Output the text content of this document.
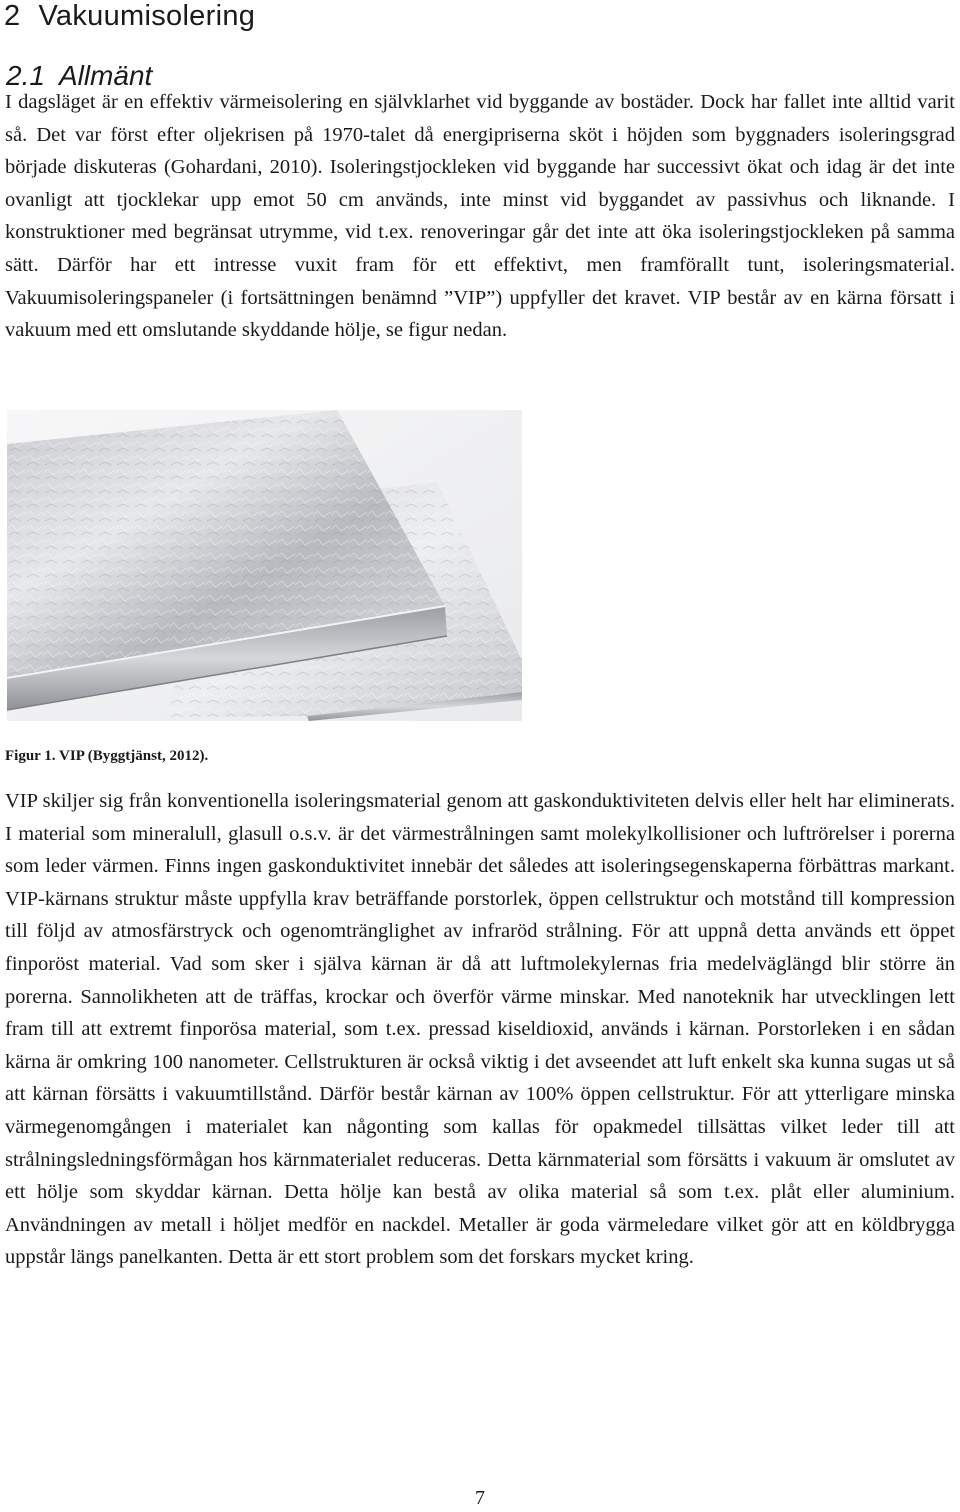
2 Vakuumisolering
2.1 Allmänt

I dagsläget är en effektiv värmeisolering en självklarhet vid byggande av bostäder. Dock har fallet inte alltid varit så. Det var först efter oljekrisen på 1970-talet då energipriserna sköt i höjden som byggnaders isoleringsgrad började diskuteras (Gohardani, 2010). Isoleringstjockleken vid byggande har successivt ökat och idag är det inte ovanligt att tjocklekar upp emot 50 cm används, inte minst vid byggandet av passivhus och liknande. I konstruktioner med begränsat utrymme, vid t.ex. renoveringar går det inte att öka isoleringstjockleken på samma sätt. Därför har ett intresse vuxit fram för ett effektivt, men framförallt tunt, isoleringsmaterial. Vakuumisoleringspaneler (i fortsättningen benämnd ”VIP”) uppfyller det kravet. VIP består av en kärna försatt i vakuum med ett omslutande skyddande hölje, se figur nedan.

Figur 1. VIP (Byggtjänst, 2012).

VIP skiljer sig från konventionella isoleringsmaterial genom att gaskonduktiviteten delvis eller helt har eliminerats. I material som mineralull, glasull o.s.v. är det värmestrålningen samt molekylkollisioner och luftrörelser i porerna som leder värmen. Finns ingen gaskonduktivitet innebär det således att isoleringsegenskaperna förbättras markant. VIP-kärnans struktur måste uppfylla krav beträffande porstorlek, öppen cellstruktur och motstånd till kompression till följd av atmosfärstryck och ogenomtränglighet av infraröd strålning. För att uppnå detta används ett öppet finporöst material. Vad som sker i själva kärnan är då att luftmolekylernas fria medelväglängd blir större än porerna. Sannolikheten att de träffas, krockar och överför värme minskar. Med nanoteknik har utvecklingen lett fram till att extremt finporösa material, som t.ex. pressad kiseldioxid, används i kärnan. Porstorleken i en sådan kärna är omkring 100 nanometer. Cellstrukturen är också viktig i det avseendet att luft enkelt ska kunna sugas ut så att kärnan försätts i vakuumtillstånd. Därför består kärnan av 100% öppen cellstruktur. För att ytterligare minska värmegenomgången i materialet kan någonting som kallas för opakmedel tillsättas vilket leder till att strålningsledningsförmågan hos kärnmaterialet reduceras. Detta kärnmaterial som försätts i vakuum är omslutet av ett hölje som skyddar kärnan. Detta hölje kan bestå av olika material så som t.ex. plåt eller aluminium. Användningen av metall i höljet medför en nackdel. Metaller är goda värmeledare vilket gör att en köldbrygga uppstår längs panelkanten. Detta är ett stort problem som det forskars mycket kring.

7
